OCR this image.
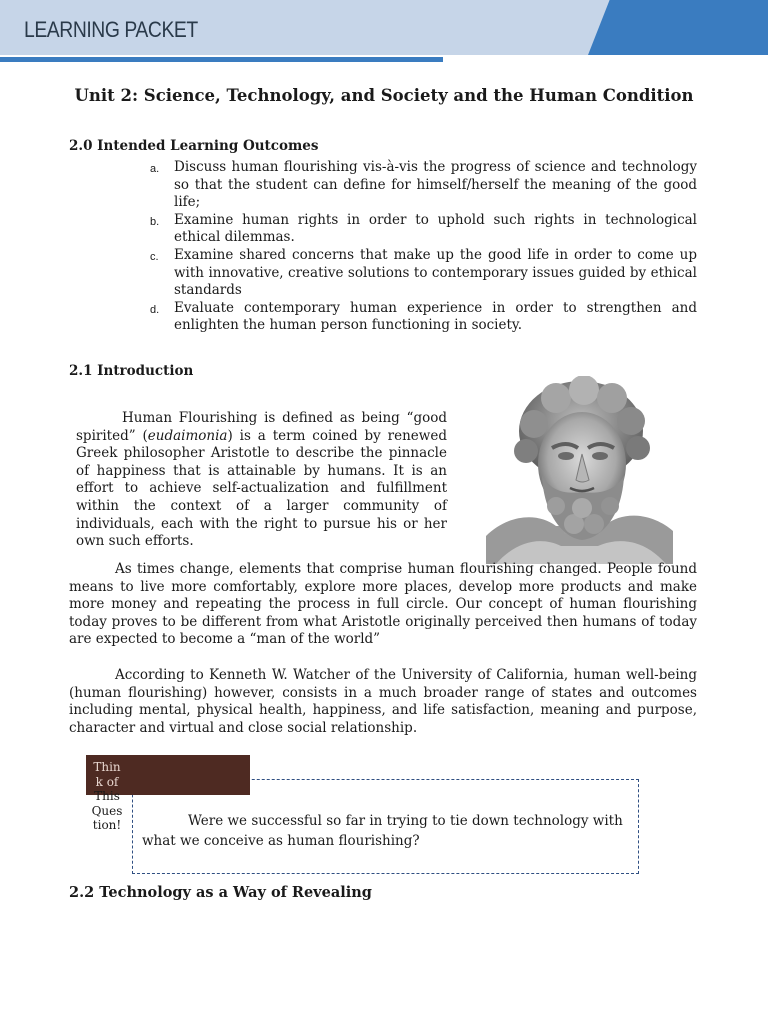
LEARNING PACKET
Unit 2: Science, Technology, and Society and the Human Condition
2.0 Intended Learning Outcomes
a.	Discuss human flourishing vis-à-vis the progress of science and technology so that the student can define for himself/herself the meaning of the good life;
b.	Examine human rights in order to uphold such rights in technological ethical dilemmas.
c.	Examine shared concerns that make up the good life in order to come up with innovative, creative solutions to contemporary issues guided by ethical standards
d.	Evaluate contemporary human experience in order to strengthen and enlighten the human person functioning in society.
2.1 Introduction
Human Flourishing is defined as being “good spirited” (eudaimonia) is a term coined by renewed Greek philosopher Aristotle to describe the pinnacle of happiness that is attainable by humans. It is an effort to achieve self-actualization and fulfillment within the context of a larger community of individuals, each with the right to pursue his or her own such efforts.
As times change, elements that comprise human flourishing changed. People found means to live more comfortably, explore more places, develop more products and make more money and repeating the process in full circle. Our concept of human flourishing today proves to be different from what Aristotle originally perceived then humans of today are expected to become a “man of the world”
According to Kenneth W. Watcher of the University of California, human well-being (human flourishing) however, consists in a much broader range of states and outcomes including mental, physical health, happiness, and life satisfaction, meaning and purpose, character and virtual and close social relationship.
Thin
k of
This
Ques
tion!	Were we successful so far in trying to tie down technology with what we conceive as human flourishing?
2.2 Technology as a Way of Revealing
